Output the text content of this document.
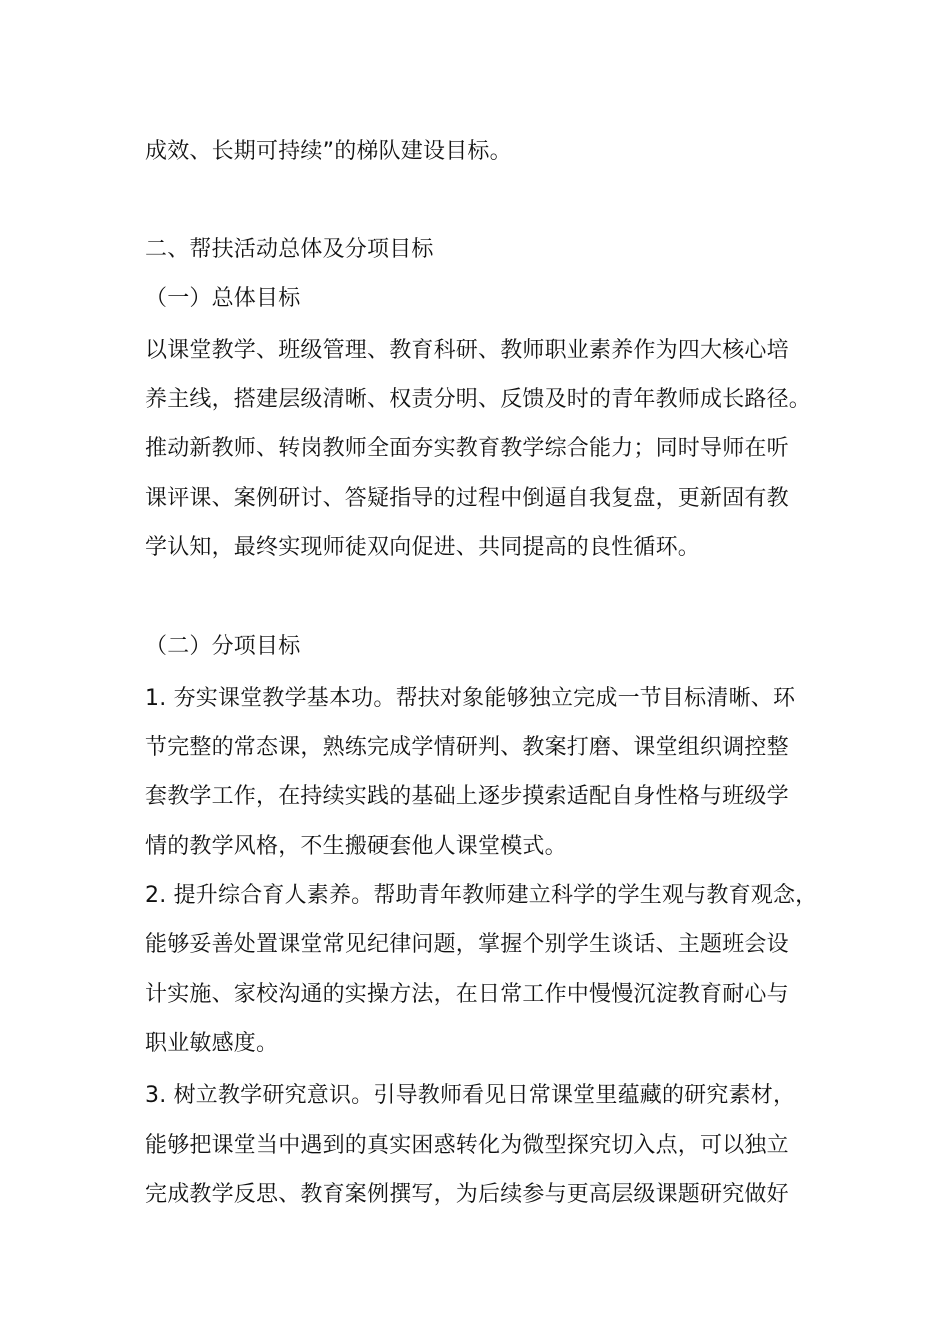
成效、长期可持续”的梯队建设目标。
二、帮扶活动总体及分项目标
（一）总体目标
以课堂教学、班级管理、教育科研、教师职业素养作为四大核心培
养主线，搭建层级清晰、权责分明、反馈及时的青年教师成长路径。
推动新教师、转岗教师全面夯实教育教学综合能力；同时导师在听
课评课、案例研讨、答疑指导的过程中倒逼自我复盘，更新固有教
学认知，最终实现师徒双向促进、共同提高的良性循环。
（二）分项目标
1. 夯实课堂教学基本功。帮扶对象能够独立完成一节目标清晰、环
节完整的常态课，熟练完成学情研判、教案打磨、课堂组织调控整
套教学工作，在持续实践的基础上逐步摸索适配自身性格与班级学
情的教学风格，不生搬硬套他人课堂模式。
2. 提升综合育人素养。帮助青年教师建立科学的学生观与教育观念，
能够妥善处置课堂常见纪律问题，掌握个别学生谈话、主题班会设
计实施、家校沟通的实操方法，在日常工作中慢慢沉淀教育耐心与
职业敏感度。
3. 树立教学研究意识。引导教师看见日常课堂里蕴藏的研究素材，
能够把课堂当中遇到的真实困惑转化为微型探究切入点，可以独立
完成教学反思、教育案例撰写，为后续参与更高层级课题研究做好
